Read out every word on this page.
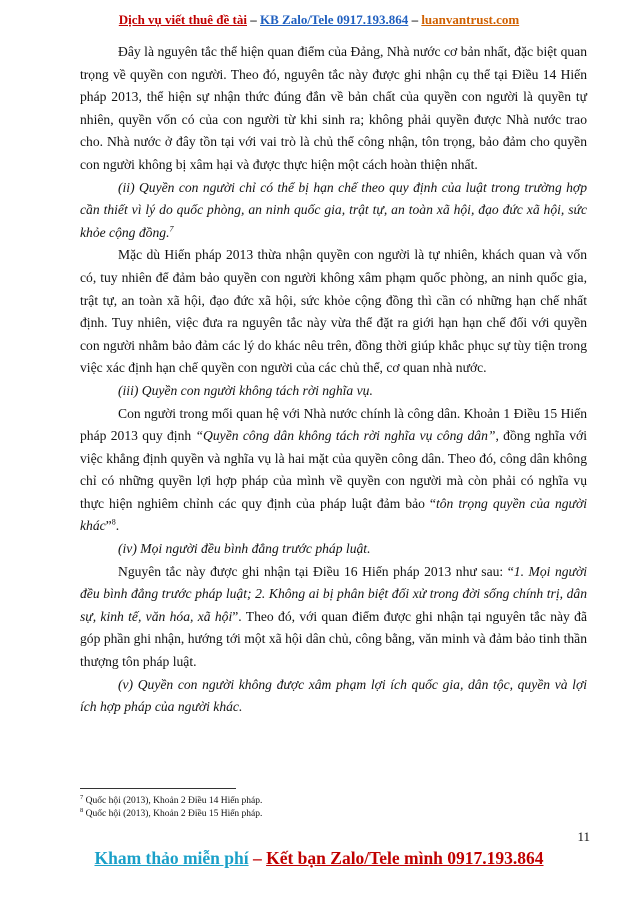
Dịch vụ viết thuê đề tài – KB Zalo/Tele 0917.193.864 – luanvantrust.com

Đây là nguyên tắc thể hiện quan điểm của Đảng, Nhà nước cơ bản nhất, đặc biệt quan trọng về quyền con người. Theo đó, nguyên tắc này được ghi nhận cụ thể tại Điều 14 Hiến pháp 2013, thể hiện sự nhận thức đúng đắn về bản chất của quyền con người là quyền tự nhiên, quyền vốn có của con người từ khi sinh ra; không phải quyền được Nhà nước trao cho. Nhà nước ở đây tồn tại với vai trò là chủ thể công nhận, tôn trọng, bảo đảm cho quyền con người không bị xâm hại và được thực hiện một cách hoàn thiện nhất.

(ii) Quyền con người chỉ có thể bị hạn chế theo quy định của luật trong trường hợp cần thiết vì lý do quốc phòng, an ninh quốc gia, trật tự, an toàn xã hội, đạo đức xã hội, sức khỏe cộng đồng.$^7$

Mặc dù Hiến pháp 2013 thừa nhận quyền con người là tự nhiên, khách quan và vốn có, tuy nhiên để đảm bảo quyền con người không xâm phạm quốc phòng, an ninh quốc gia, trật tự, an toàn xã hội, đạo đức xã hội, sức khỏe cộng đồng thì cần có những hạn chế nhất định. Tuy nhiên, việc đưa ra nguyên tắc này vừa thể đặt ra giới hạn hạn chế đối với quyền con người nhằm bảo đảm các lý do khác nêu trên, đồng thời giúp khắc phục sự tùy tiện trong việc xác định hạn chế quyền con người của các chủ thể, cơ quan nhà nước.

(iii) Quyền con người không tách rời nghĩa vụ.

Con người trong mối quan hệ với Nhà nước chính là công dân. Khoản 1 Điều 15 Hiến pháp 2013 quy định “Quyền công dân không tách rời nghĩa vụ công dân”, đồng nghĩa với việc khẳng định quyền và nghĩa vụ là hai mặt của quyền công dân. Theo đó, công dân không chỉ có những quyền lợi hợp pháp của mình về quyền con người mà còn phải có nghĩa vụ thực hiện nghiêm chỉnh các quy định của pháp luật đảm bảo “tôn trọng quyền của người khác”$^8$.

(iv) Mọi người đều bình đẳng trước pháp luật.

Nguyên tắc này được ghi nhận tại Điều 16 Hiến pháp 2013 như sau: “1. Mọi người đều bình đẳng trước pháp luật; 2. Không ai bị phân biệt đối xử trong đời sống chính trị, dân sự, kinh tế, văn hóa, xã hội”. Theo đó, với quan điểm được ghi nhận tại nguyên tắc này đã góp phần ghi nhận, hướng tới một xã hội dân chủ, công bằng, văn minh và đảm bảo tinh thần thượng tôn pháp luật.

(v) Quyền con người không được xâm phạm lợi ích quốc gia, dân tộc, quyền và lợi ích hợp pháp của người khác.

$^7$ Quốc hội (2013), Khoản 2 Điều 14 Hiến pháp.
$^8$ Quốc hội (2013), Khoản 2 Điều 15 Hiến pháp.
11
Kham thảo miễn phí – Kết bạn Zalo/Tele mình 0917.193.864
